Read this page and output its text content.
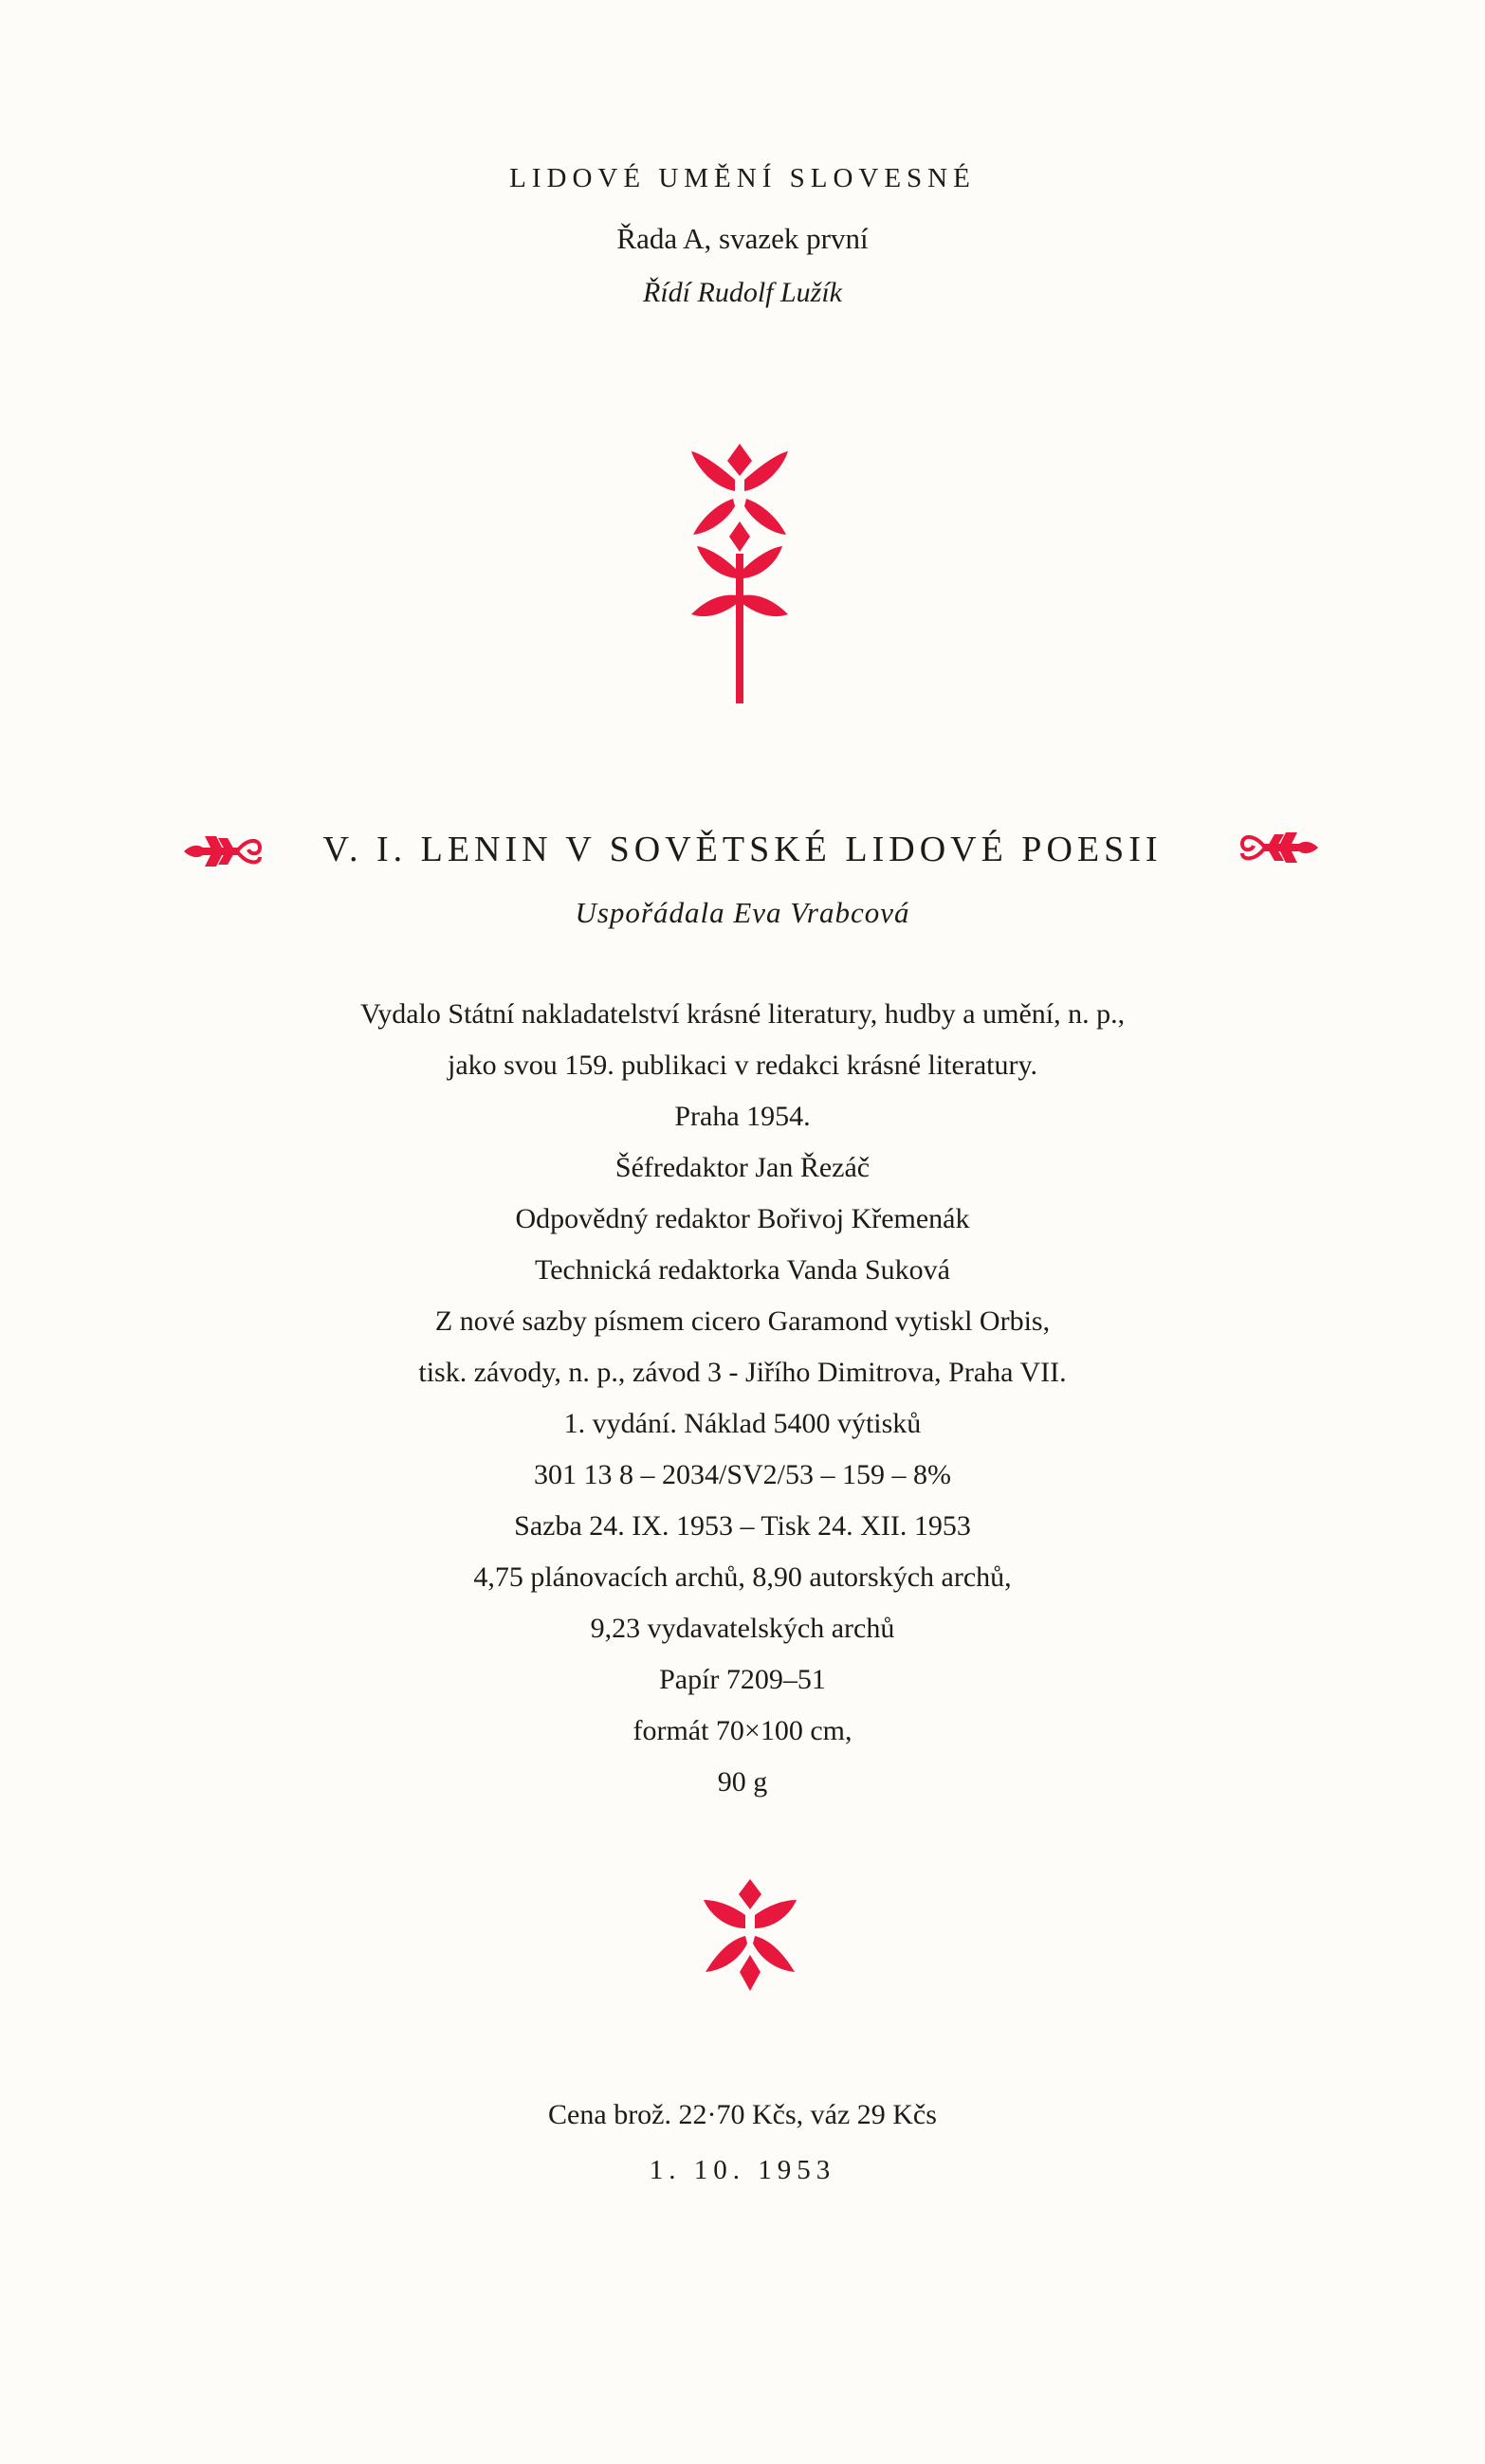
LIDOVÉ UMĚNÍ SLOVESNÉ
Řada A, svazek první
Řídí Rudolf Lužík
V. I. LENIN V SOVĚTSKÉ LIDOVÉ POESII
Uspořádala Eva Vrabcová
Vydalo Státní nakladatelství krásné literatury, hudby a umění, n. p.,
jako svou 159. publikaci v redakci krásné literatury.
Praha 1954.
Šéfredaktor Jan Řezáč
Odpovědný redaktor Bořivoj Křemenák
Technická redaktorka Vanda Suková
Z nové sazby písmem cicero Garamond vytiskl Orbis,
tisk. závody, n. p., závod 3 - Jiřího Dimitrova, Praha VII.
1. vydání. Náklad 5400 výtisků
301 13 8 – 2034/SV2/53 – 159 – 8%
Sazba 24. IX. 1953 – Tisk 24. XII. 1953
4,75 plánovacích archů, 8,90 autorských archů,
9,23 vydavatelských archů
Papír 7209–51
formát 70×100 cm,
90 g
Cena brož. 22·70 Kčs, váz 29 Kčs
1. 10. 1953
